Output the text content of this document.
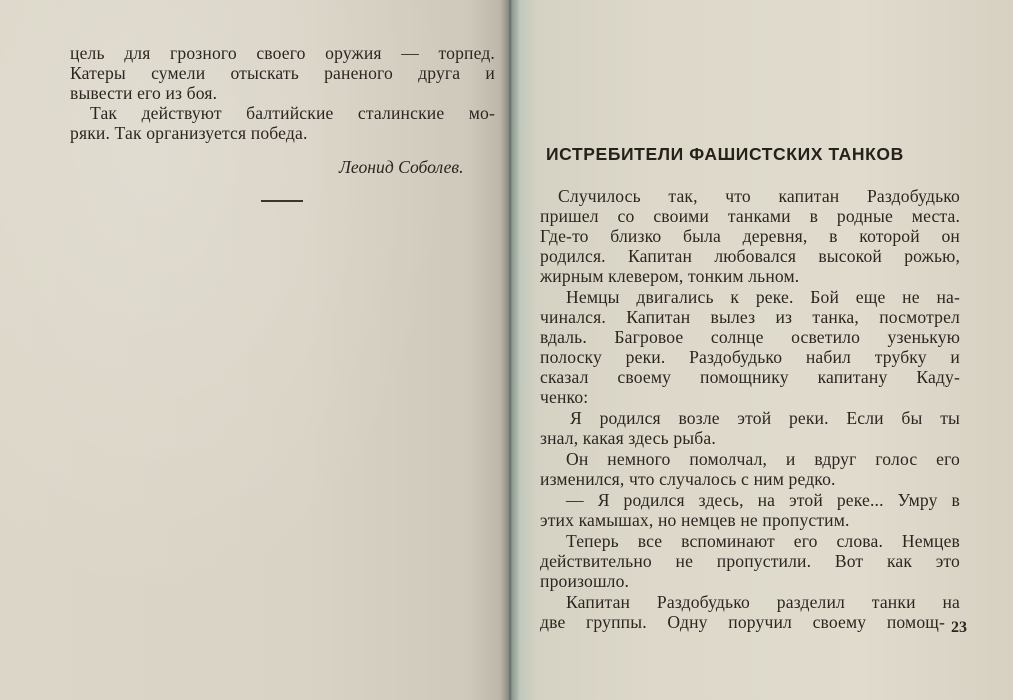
цель для грозного своего оружия — торпед.
Катеры сумели отыскать раненого друга и
вывести его из боя.
Так действуют балтийские сталинские мо-
ряки. Так организуется победа.
Леонид Соболев.
ИСТРЕБИТЕЛИ ФАШИСТСКИХ ТАНКОВ
Случилось так, что капитан Раздобудько
пришел со своими танками в родные места.
Где-то близко была деревня, в которой он
родился. Капитан любовался высокой рожью,
жирным клевером, тонким льном.
Немцы двигались к реке. Бой еще не на-
чинался. Капитан вылез из танка, посмотрел
вдаль. Багровое солнце осветило узенькую
полоску реки. Раздобудько набил трубку и
сказал своему помощнику капитану Каду-
ченко:
Я родился возле этой реки. Если бы ты
знал, какая здесь рыба.
Он немного помолчал, и вдруг голос его
изменился, что случалось с ним редко.
— Я родился здесь, на этой реке... Умру в
этих камышах, но немцев не пропустим.
Теперь все вспоминают его слова. Немцев
действительно не пропустили. Вот как это
произошло.
Капитан Раздобудько разделил танки на
две группы. Одну поручил своему помощ- 23
